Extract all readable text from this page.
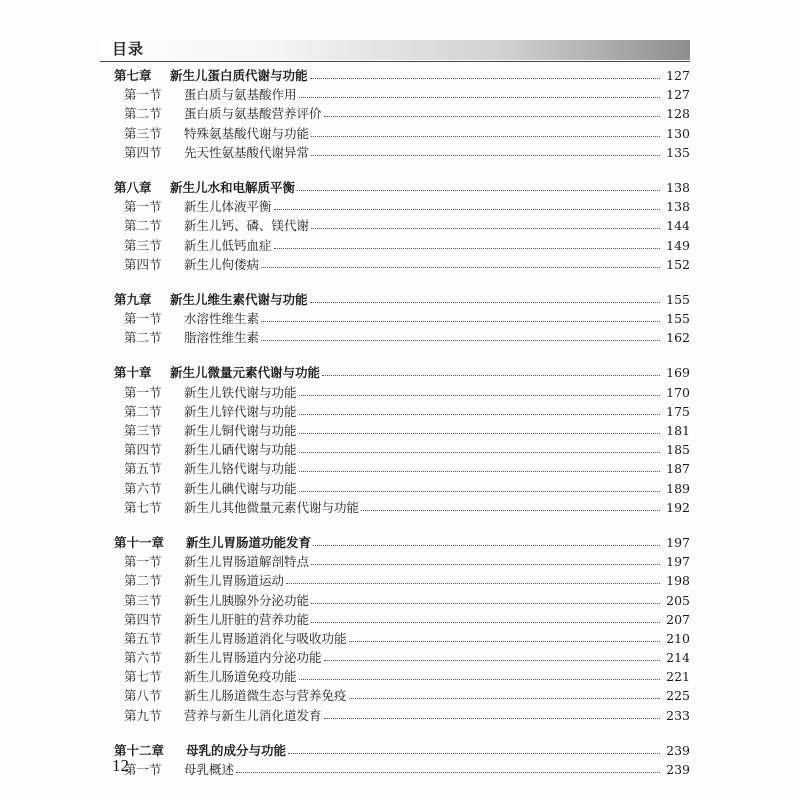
目录
第七章 新生儿蛋白质代谢与功能	127
第一节 蛋白质与氨基酸作用	127
第二节 蛋白质与氨基酸营养评价	128
第三节 特殊氨基酸代谢与功能	130
第四节 先天性氨基酸代谢异常	135
第八章 新生儿水和电解质平衡	138
第一节 新生儿体液平衡	138
第二节 新生儿钙、磷、镁代谢	144
第三节 新生儿低钙血症	149
第四节 新生儿佝偻病	152
第九章 新生儿维生素代谢与功能	155
第一节 水溶性维生素	155
第二节 脂溶性维生素	162
第十章 新生儿微量元素代谢与功能	169
第一节 新生儿铁代谢与功能	170
第二节 新生儿锌代谢与功能	175
第三节 新生儿铜代谢与功能	181
第四节 新生儿硒代谢与功能	185
第五节 新生儿铬代谢与功能	187
第六节 新生儿碘代谢与功能	189
第七节 新生儿其他微量元素代谢与功能	192
第十一章 新生儿胃肠道功能发育	197
第一节 新生儿胃肠道解剖特点	197
第二节 新生儿胃肠道运动	198
第三节 新生儿胰腺外分泌功能	205
第四节 新生儿肝脏的营养功能	207
第五节 新生儿胃肠道消化与吸收功能	210
第六节 新生儿胃肠道内分泌功能	214
第七节 新生儿肠道免疫功能	221
第八节 新生儿肠道微生态与营养免疫	225
第九节 营养与新生儿消化道发育	233
第十二章 母乳的成分与功能	239
第一节 母乳概述	239
12
